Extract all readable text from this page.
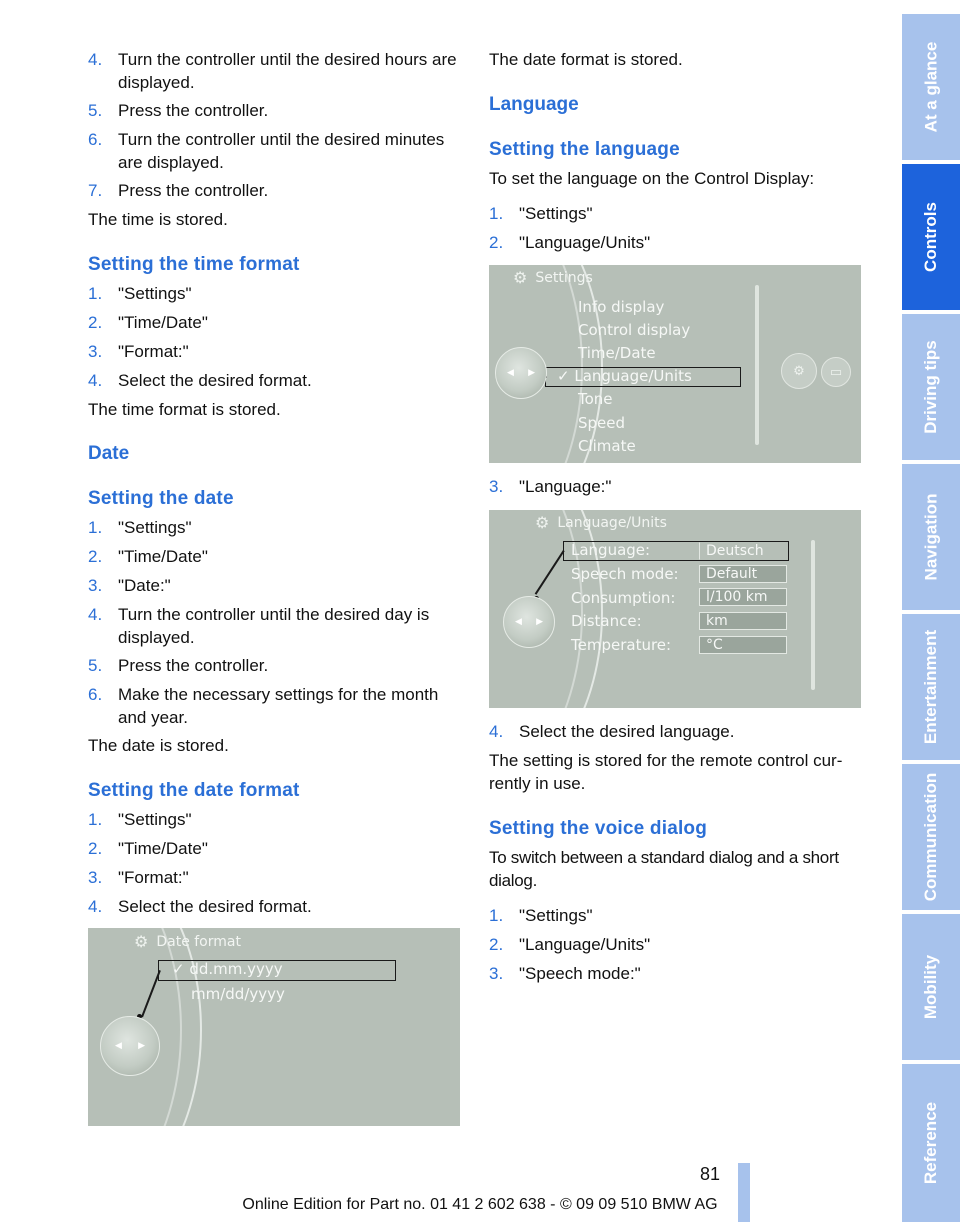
4. Turn the controller until the desired hours are displayed.
5. Press the controller.
6. Turn the controller until the desired minutes are displayed.
7. Press the controller.
The time is stored.
Setting the time format
1. "Settings"
2. "Time/Date"
3. "Format:"
4. Select the desired format.
The time format is stored.
Date
Setting the date
1. "Settings"
2. "Time/Date"
3. "Date:"
4. Turn the controller until the desired day is displayed.
5. Press the controller.
6. Make the necessary settings for the month and year.
The date is stored.
Setting the date format
1. "Settings"
2. "Time/Date"
3. "Format:"
4. Select the desired format.
⚙ Date format
✓ dd.mm.yyyy
mm/dd/yyyy
◀ ▶
The date format is stored.
Language
Setting the language
To set the language on the Control Display:
1. "Settings"
2. "Language/Units"
3. "Language:"
4. Select the desired language.
The setting is stored for the remote control cur-rently in use.
Setting the voice dialog
To switch between a standard dialog and a short dialog.
1. "Settings"
2. "Language/Units"
3. "Speech mode:"
⚙ Settings
Info display
Control display
Time/Date
✓ Language/Units
Tone
Speed
Climate
◀ ▶	⚙	▭
⚙ Language/Units
Language:	Deutsch
Speech mode:	Default
Consumption:	l/100 km
Distance:	km
Temperature:	°C
◀ ▶
At a glance
Controls
Driving tips
Navigation
Entertainment
Communication
Mobility
Reference
81
Online Edition for Part no. 01 41 2 602 638 - © 09 09 510 BMW AG
